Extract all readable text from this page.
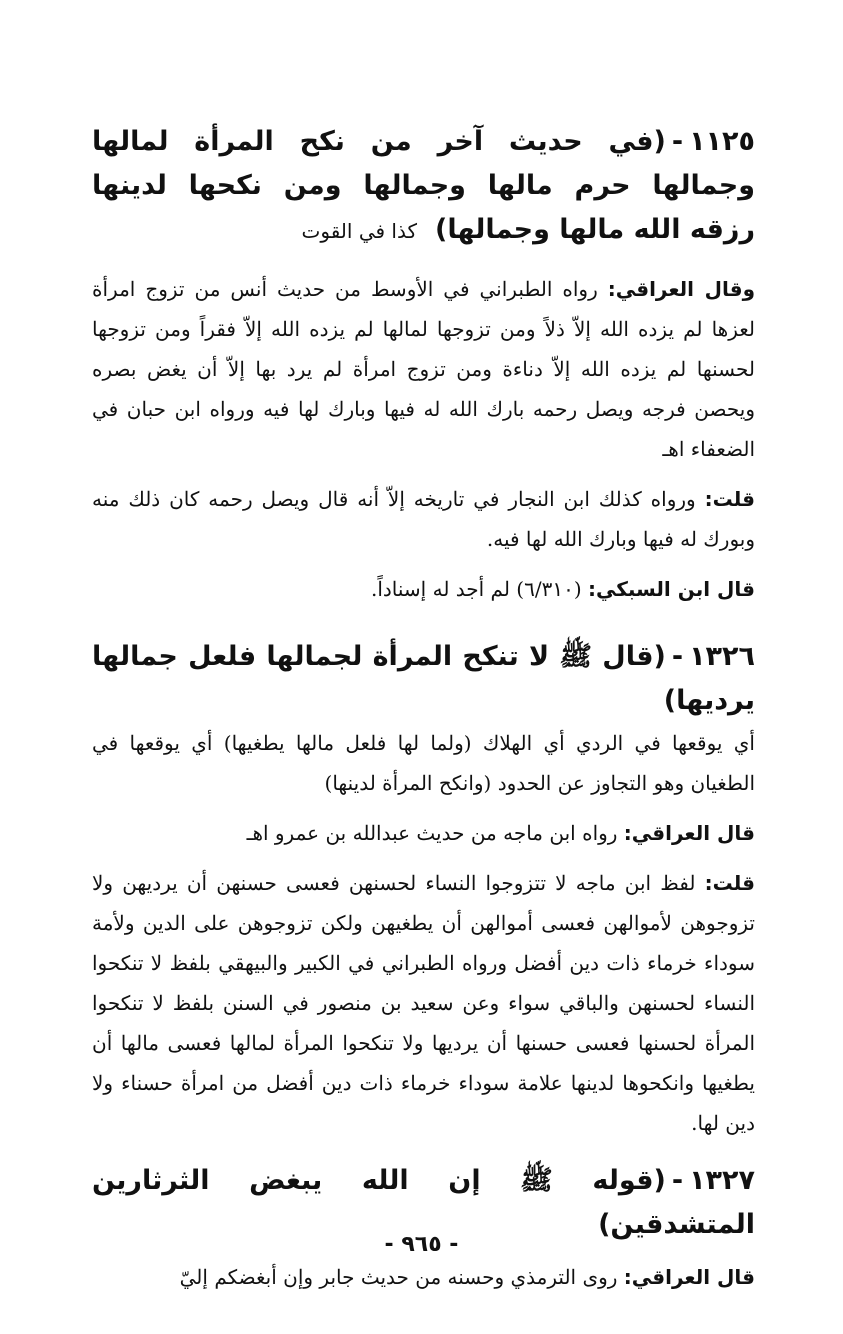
١١٢٥-(في حديث آخر من نكح المرأة لمالها وجمالها حرم مالها وجمالها ومن نكحها لدينها رزقه الله مالها وجمالها)كذا في القوت

وقال العراقي: رواه الطبراني في الأوسط من حديث أنس من تزوج امرأة لعزها لم يزده الله إلاّ ذلاً ومن تزوجها لمالها لم يزده الله إلاّ فقراً ومن تزوجها لحسنها لم يزده الله إلاّ دناءة ومن تزوج امرأة لم يرد بها إلاّ أن يغض بصره ويحصن فرجه ويصل رحمه بارك الله له فيها وبارك لها فيه ورواه ابن حبان في الضعفاء اهـ

قلت: ورواه كذلك ابن النجار في تاريخه إلاّ أنه قال ويصل رحمه كان ذلك منه وبورك له فيها وبارك الله لها فيه.

قال ابن السبكي: (٦/٣١٠) لم أجد له إسناداً.

١٣٢٦-(قال ﷺ لا تنكح المرأة لجمالها فلعل جمالها يرديها)

أي يوقعها في الردي أي الهلاك (ولما لها فلعل مالها يطغيها) أي يوقعها في الطغيان وهو التجاوز عن الحدود (وانكح المرأة لدينها)

قال العراقي: رواه ابن ماجه من حديث عبدالله بن عمرو اهـ

قلت: لفظ ابن ماجه لا تتزوجوا النساء لحسنهن فعسى حسنهن أن يرديهن ولا تزوجوهن لأموالهن فعسى أموالهن أن يطغيهن ولكن تزوجوهن على الدين ولأمة سوداء خرماء ذات دين أفضل ورواه الطبراني في الكبير والبيهقي بلفظ لا تنكحوا النساء لحسنهن والباقي سواء وعن سعيد بن منصور في السنن بلفظ لا تنكحوا المرأة لحسنها فعسى حسنها أن يرديها ولا تنكحوا المرأة لمالها فعسى مالها أن يطغيها وانكحوها لدينها علامة سوداء خرماء ذات دين أفضل من امرأة حسناء ولا دين لها.

١٣٢٧-(قوله ﷺ إن الله يبغض الثرثارين المتشدقين)

قال العراقي: روى الترمذي وحسنه من حديث جابر وإن أبغضكم إليّ

- ٩٦٥ -
